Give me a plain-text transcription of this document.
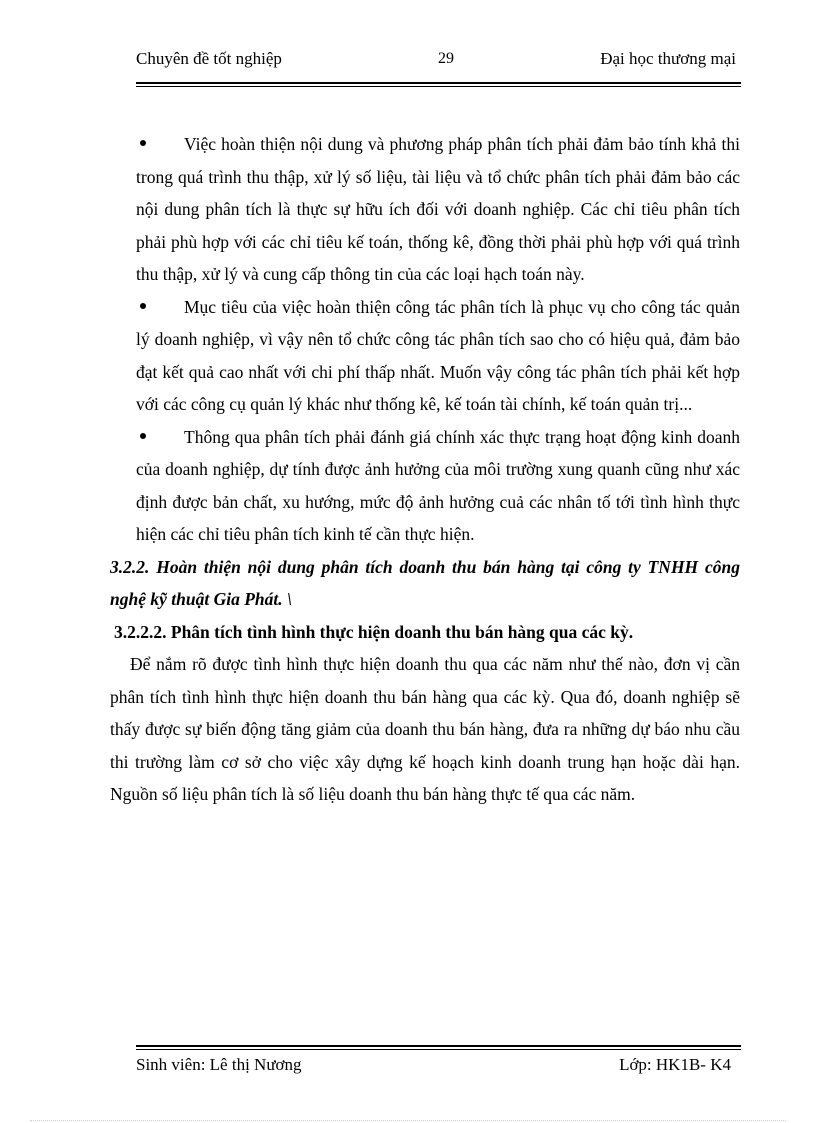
Chuyên đề tốt nghiệp	29	Đại học thương mại
Việc hoàn thiện nội dung và phương pháp phân tích phải đảm bảo tính khả thi trong quá trình thu thập, xử lý số liệu, tài liệu và tổ chức phân tích phải đảm bảo các nội dung phân tích là thực sự hữu ích đối với doanh nghiệp. Các chỉ tiêu phân tích phải phù hợp với các chỉ tiêu kế toán, thống kê, đồng thời phải phù hợp với quá trình thu thập, xử lý và cung cấp thông tin của các loại hạch toán này.
Mục tiêu của việc hoàn thiện công tác phân tích là phục vụ cho công tác quản lý doanh nghiệp, vì vậy nên tổ chức công tác phân tích sao cho có hiệu quả, đảm bảo đạt kết quả cao nhất với chi phí thấp nhất. Muốn vậy công tác phân tích phải kết hợp với các công cụ quản lý khác như thống kê, kế toán tài chính, kế toán quản trị...
Thông qua phân tích phải đánh giá chính xác thực trạng hoạt động kinh doanh của doanh nghiệp, dự tính được ảnh hưởng của môi trường xung quanh cũng như xác định được bản chất, xu hướng, mức độ ảnh hưởng cuả các nhân tố tới tình hình thực hiện các chỉ tiêu phân tích kinh tế cần thực hiện.
3.2.2. Hoàn thiện nội dung phân tích doanh thu bán hàng tại công ty TNHH công nghệ kỹ thuật Gia Phát. \
3.2.2.2. Phân tích tình hình thực hiện doanh thu bán hàng qua các kỳ.
Để nắm rõ được tình hình thực hiện doanh thu qua các năm như thế nào, đơn vị cần phân tích tình hình thực hiện doanh thu bán hàng qua các kỳ. Qua đó, doanh nghiệp sẽ thấy được sự biến động tăng giảm của doanh thu bán hàng, đưa ra những dự báo nhu cầu thi trường làm cơ sở cho việc xây dựng kế hoạch kinh doanh trung hạn hoặc dài hạn. Nguồn số liệu phân tích là số liệu doanh thu bán hàng thực tế qua các năm.
Sinh viên: Lê thị Nương	Lớp: HK1B- K4
